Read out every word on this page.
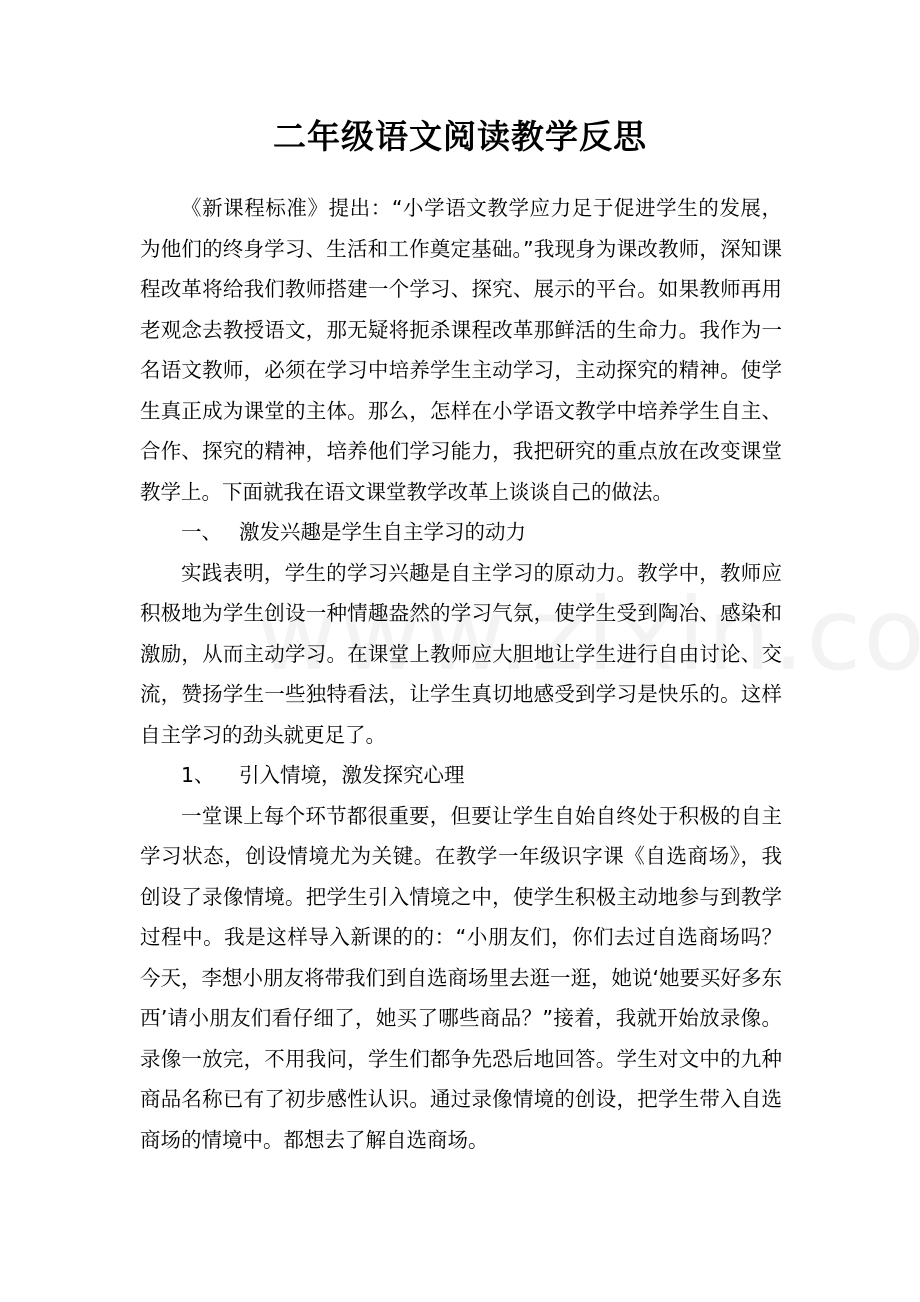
二年级语文阅读教学反思

《新课程标准》提出：“小学语文教学应力足于促进学生的发展，为他们的终身学习、生活和工作奠定基础。”我现身为课改教师，深知课程改革将给我们教师搭建一个学习、探究、展示的平台。如果教师再用老观念去教授语文，那无疑将扼杀课程改革那鲜活的生命力。我作为一名语文教师，必须在学习中培养学生主动学习，主动探究的精神。使学生真正成为课堂的主体。那么，怎样在小学语文教学中培养学生自主、合作、探究的精神，培养他们学习能力，我把研究的重点放在改变课堂教学上。下面就我在语文课堂教学改革上谈谈自己的做法。

一、 激发兴趣是学生自主学习的动力

实践表明，学生的学习兴趣是自主学习的原动力。教学中，教师应积极地为学生创设一种情趣盎然的学习气氛，使学生受到陶冶、感染和激励，从而主动学习。在课堂上教师应大胆地让学生进行自由讨论、交流，赞扬学生一些独特看法，让学生真切地感受到学习是快乐的。这样自主学习的劲头就更足了。

1、	引入情境，激发探究心理

一堂课上每个环节都很重要，但要让学生自始自终处于积极的自主学习状态，创设情境尤为关键。在教学一年级识字课《自选商场》，我创设了录像情境。把学生引入情境之中，使学生积极主动地参与到教学过程中。我是这样导入新课的的：“小朋友们，你们去过自选商场吗？今天，李想小朋友将带我们到自选商场里去逛一逛，她说‘她要买好多东西’请小朋友们看仔细了，她买了哪些商品？”接着，我就开始放录像。录像一放完，不用我问，学生们都争先恐后地回答。学生对文中的九种商品名称已有了初步感性认识。通过录像情境的创设，把学生带入自选商场的情境中。都想去了解自选商场。
